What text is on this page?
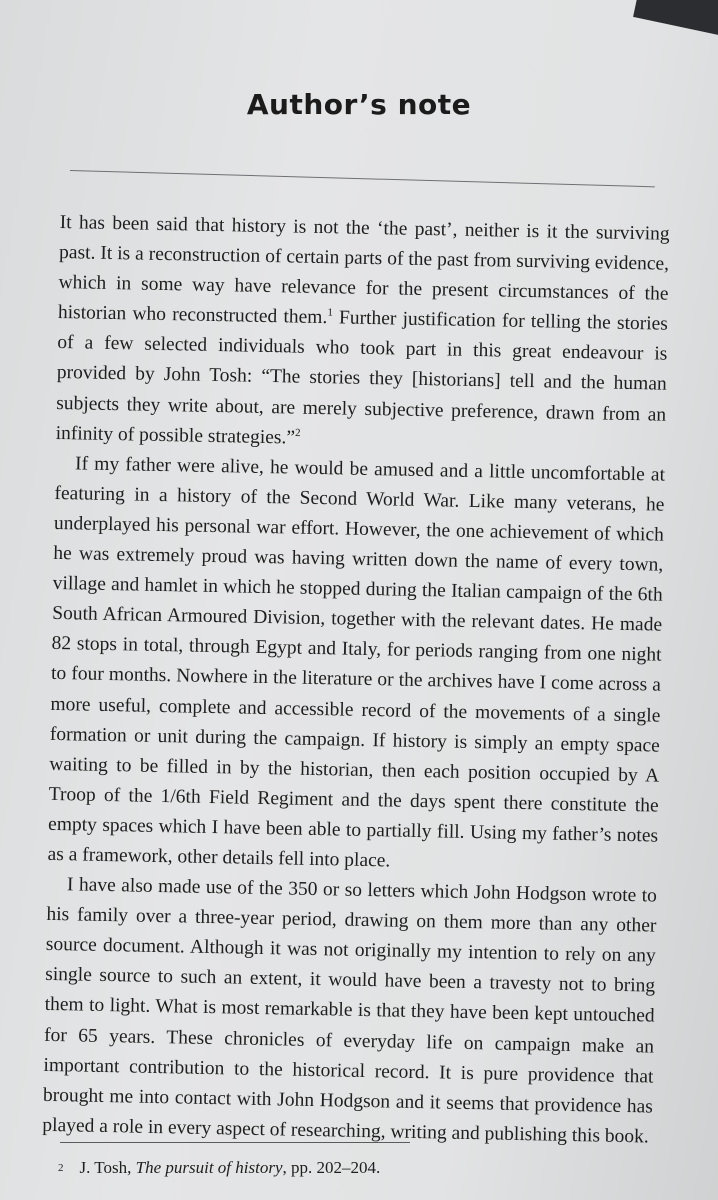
Author’s note

It has been said that history is not the ‘the past’, neither is it the surviving past. It is a reconstruction of certain parts of the past from surviving evidence, which in some way have relevance for the present circumstances of the historian who reconstructed them.$^1$ Further justification for telling the stories of a few selected individuals who took part in this great endeavour is provided by John Tosh: “The stories they [historians] tell and the human subjects they write about, are merely subjective preference, drawn from an infinity of possible strategies.”$^2$

If my father were alive, he would be amused and a little uncomfortable at featuring in a history of the Second World War. Like many veterans, he underplayed his personal war effort. However, the one achievement of which he was extremely proud was having written down the name of every town, village and hamlet in which he stopped during the Italian campaign of the 6th South African Armoured Division, together with the relevant dates. He made 82 stops in total, through Egypt and Italy, for periods ranging from one night to four months. Nowhere in the literature or the archives have I come across a more useful, complete and accessible record of the movements of a single formation or unit during the campaign. If history is simply an empty space waiting to be filled in by the historian, then each position occupied by A Troop of the 1/6th Field Regiment and the days spent there constitute the empty spaces which I have been able to partially fill. Using my father’s notes as a framework, other details fell into place.

I have also made use of the 350 or so letters which John Hodgson wrote to his family over a three-year period, drawing on them more than any other source document. Although it was not originally my intention to rely on any single source to such an extent, it would have been a travesty not to bring them to light. What is most remarkable is that they have been kept untouched for 65 years. These chronicles of everyday life on campaign make an important contribution to the historical record. It is pure providence that brought me into contact with John Hodgson and it seems that providence has played a role in every aspect of researching, writing and publishing this book.

2 J. Tosh, The pursuit of history, pp. 202–204.
